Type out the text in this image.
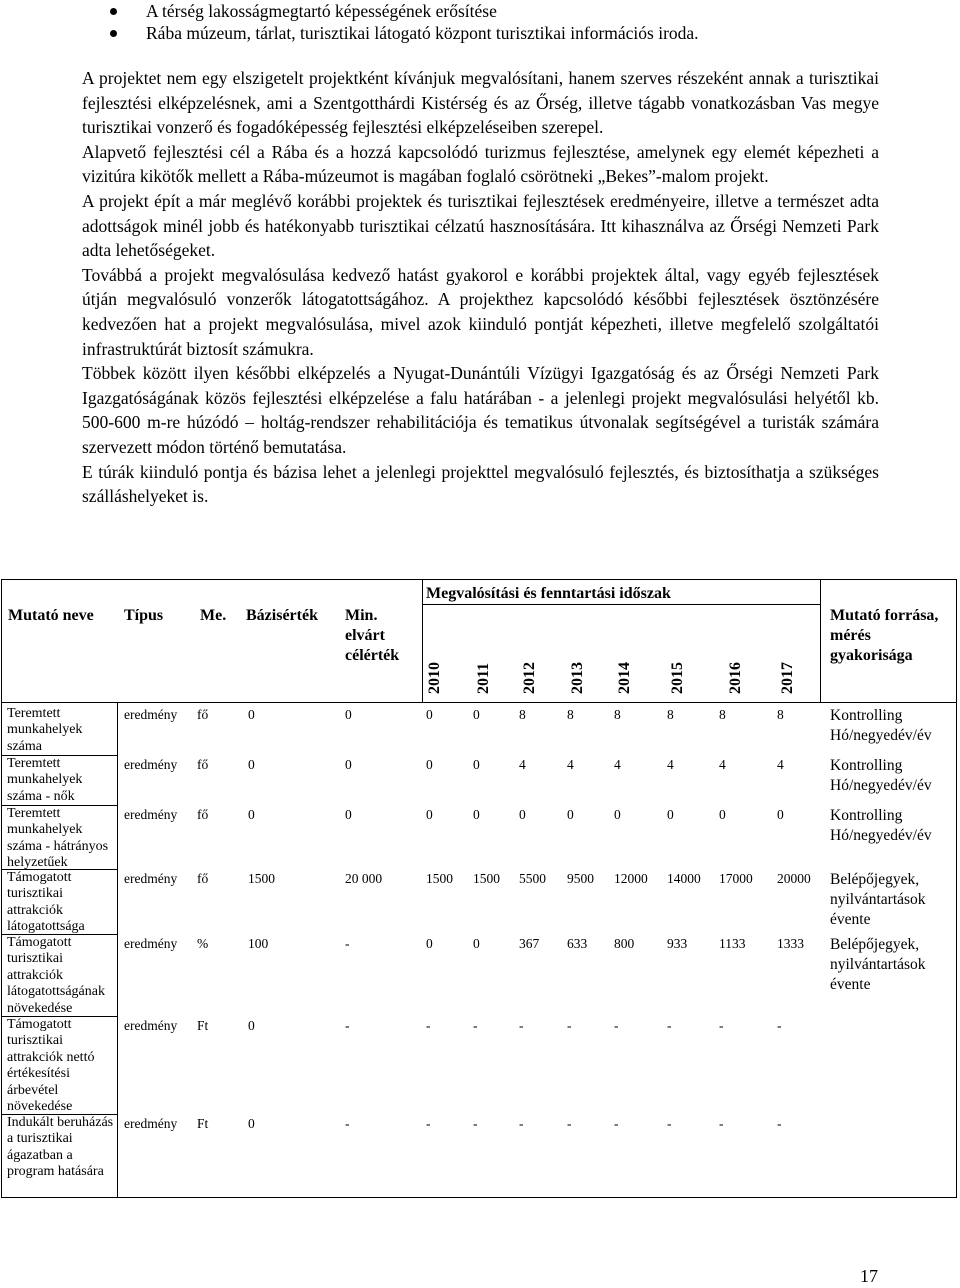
A térség lakosságmegtartó képességének erősítése
Rába múzeum, tárlat, turisztikai látogató központ turisztikai információs iroda.

A projektet nem egy elszigetelt projektként kívánjuk megvalósítani, hanem szerves részeként annak a turisztikai fejlesztési elképzelésnek, ami a Szentgotthárdi Kistérség és az Őrség, illetve tágabb vonatkozásban Vas megye turisztikai vonzerő és fogadóképesség fejlesztési elképzeléseiben szerepel.

Alapvető fejlesztési cél a Rába és a hozzá kapcsolódó turizmus fejlesztése, amelynek egy elemét képezheti a vizitúra kikötők mellett a Rába-múzeumot is magában foglaló csörötneki „Bekes”-malom projekt.

A projekt épít a már meglévő korábbi projektek és turisztikai fejlesztések eredményeire, illetve a természet adta adottságok minél jobb és hatékonyabb turisztikai célzatú hasznosítására. Itt kihasználva az Őrségi Nemzeti Park adta lehetőségeket.

Továbbá a projekt megvalósulása kedvező hatást gyakorol e korábbi projektek által, vagy egyéb fejlesztések útján megvalósuló vonzerők látogatottságához. A projekthez kapcsolódó későbbi fejlesztések ösztönzésére kedvezően hat a projekt megvalósulása, mivel azok kiinduló pontját képezheti, illetve megfelelő szolgáltatói infrastruktúrát biztosít számukra.

Többek között ilyen későbbi elképzelés a Nyugat-Dunántúli Vízügyi Igazgatóság és az Őrségi Nemzeti Park Igazgatóságának közös fejlesztési elképzelése a falu határában - a jelenlegi projekt megvalósulási helyétől kb. 500-600 m-re húzódó – holtág-rendszer rehabilitációja és tematikus útvonalak segítségével a turisták számára szervezett módon történő bemutatása.

E túrák kiinduló pontja és bázisa lehet a jelenlegi projekttel megvalósuló fejlesztés, és biztosíthatja a szükséges szálláshelyeket is.

Megvalósítási és fenntartási időszak
Mutató neve Típus Me. Bázisérték Min. elvárt célérték
Mutató forrása, mérés gyakorisága
2010 2011 2012 2013 2014 2015	2016 2017
Teremtett munkahelyek száma
eredmény fő	0	0	0	0	8	8	8	8	8	8	Kontrolling Hó/negyedév/év
Teremtett munkahelyek száma - nők
eredmény fő	0	0	0	0	4	4	4	4	4	4	Kontrolling Hó/negyedév/év
Teremtett munkahelyek száma - hátrányos helyzetűek
eredmény fő	0	0	0	0	0	0	0	0	0	0	Kontrolling Hó/negyedév/év
Támogatott turisztikai attrakciók látogatottsága
eredmény fő	1500	20 000	1500 1500 5500 9500 12000 14000 17000 20000 Belépőjegyek, nyilvántartások évente
Támogatott turisztikai attrakciók látogatottságának növekedése
eredmény %	100	-	0	0	367 633 800 933 1133 1333 Belépőjegyek, nyilvántartások évente
Támogatott turisztikai attrakciók nettó értékesítési árbevétel növekedése
eredmény Ft	0	-	-	-	-	-	-	-	-	-
Indukált beruházás a turisztikai ágazatban a program hatására
eredmény Ft	0	-	-	-	-	-	-	-	-	-
17
